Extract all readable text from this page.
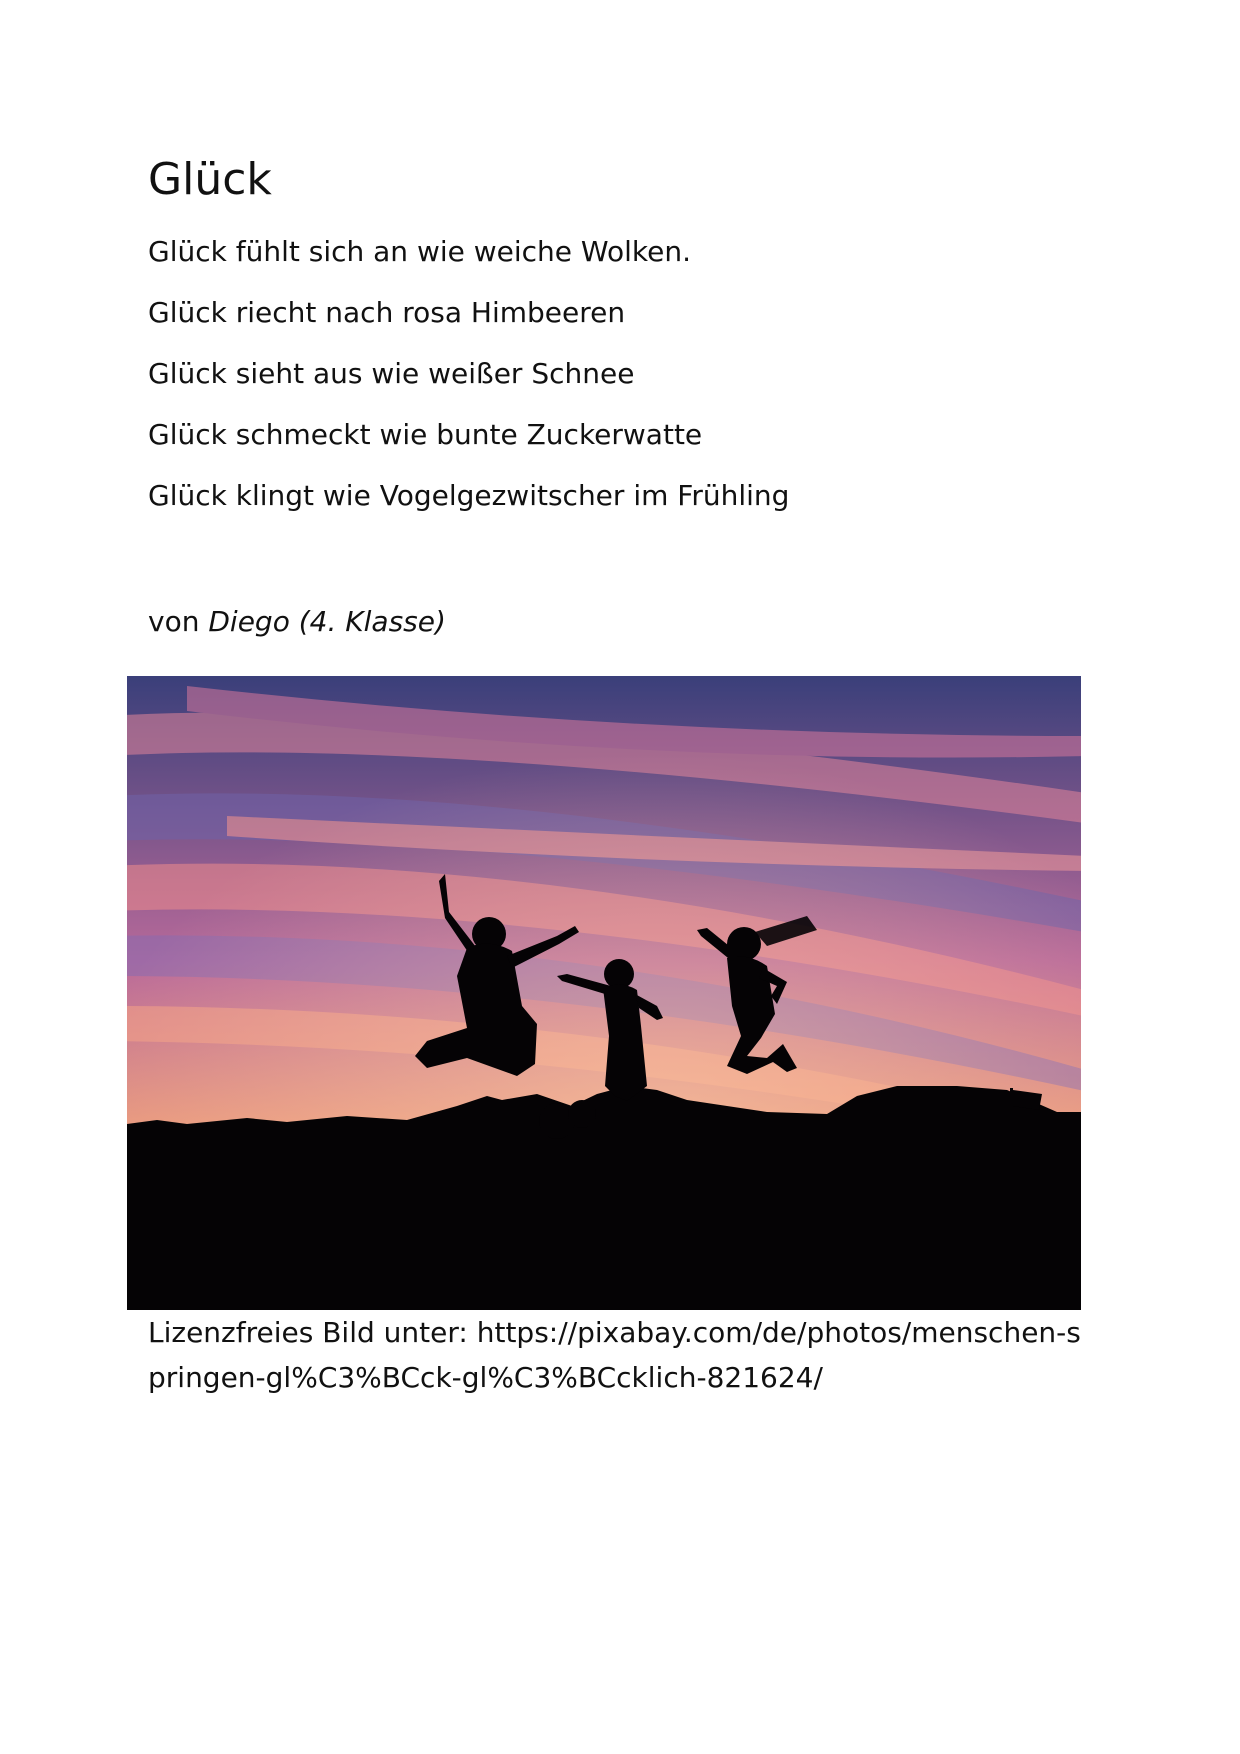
Glück
Glück fühlt sich an wie weiche Wolken.
Glück riecht nach rosa Himbeeren
Glück sieht aus wie weißer Schnee
Glück schmeckt wie bunte Zuckerwatte
Glück klingt wie Vogelgezwitscher im Frühling
von Diego (4. Klasse)

Lizenzfreies Bild unter: https://pixabay.com/de/photos/menschen-springen-gl%C3%BCck-gl%C3%BCcklich-821624/
